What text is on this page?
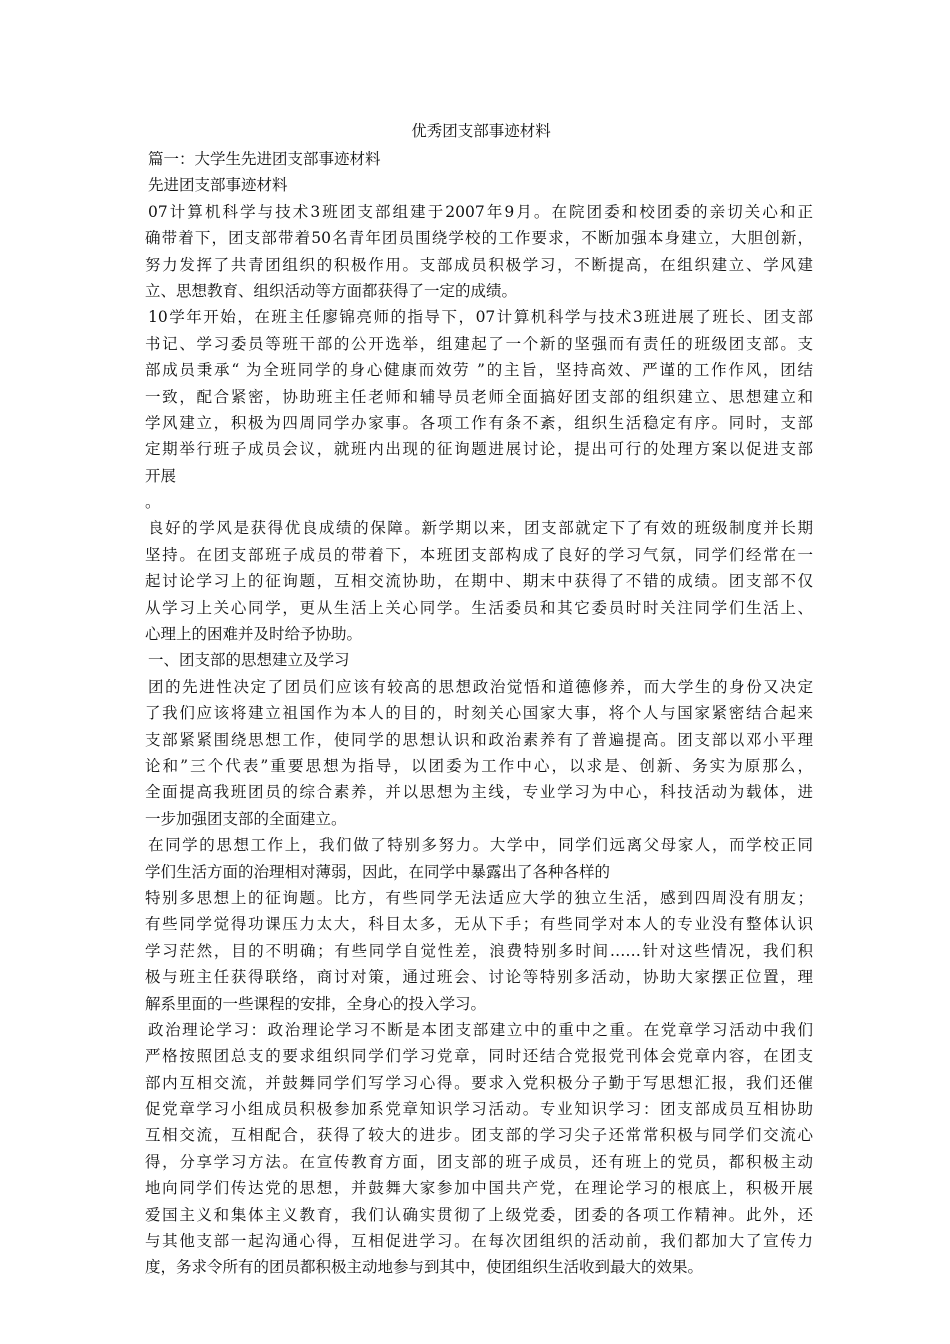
优秀团支部事迹材料
篇一：大学生先进团支部事迹材料
先进团支部事迹材料
07计算机科学与技术3班团支部组建于2007年9月。在院团委和校团委的亲切关心和正
确带着下，团支部带着50名青年团员围绕学校的工作要求，不断加强本身建立，大胆创新，
努力发挥了共青团组织的积极作用。支部成员积极学习，不断提高，在组织建立、学风建
立、思想教育、组织活动等方面都获得了一定的成绩。
10学年开始，在班主任廖锦亮师的指导下，07计算机科学与技术3班进展了班长、团支部
书记、学习委员等班干部的公开选举，组建起了一个新的坚强而有责任的班级团支部。支
部成员秉承“ 为全班同学的身心健康而效劳 ”的主旨，坚持高效、严谨的工作作风，团结
一致，配合紧密，协助班主任老师和辅导员老师全面搞好团支部的组织建立、思想建立和
学风建立，积极为四周同学办家事。各项工作有条不紊，组织生活稳定有序。同时，支部
定期举行班子成员会议，就班内出现的征询题进展讨论，提出可行的处理方案以促进支部
开展
。
良好的学风是获得优良成绩的保障。新学期以来，团支部就定下了有效的班级制度并长期
坚持。在团支部班子成员的带着下，本班团支部构成了良好的学习气氛，同学们经常在一
起讨论学习上的征询题，互相交流协助，在期中、期末中获得了不错的成绩。团支部不仅
从学习上关心同学，更从生活上关心同学。生活委员和其它委员时时关注同学们生活上、
心理上的困难并及时给予协助。
一、团支部的思想建立及学习
团的先进性决定了团员们应该有较高的思想政治觉悟和道德修养，而大学生的身份又决定
了我们应该将建立祖国作为本人的目的，时刻关心国家大事，将个人与国家紧密结合起来
支部紧紧围绕思想工作，使同学的思想认识和政治素养有了普遍提高。团支部以邓小平理
论和”三个代表”重要思想为指导，以团委为工作中心，以求是、创新、务实为原那么，
全面提高我班团员的综合素养，并以思想为主线，专业学习为中心，科技活动为载体，进
一步加强团支部的全面建立。
在同学的思想工作上，我们做了特别多努力。大学中，同学们远离父母家人，而学校正同
学们生活方面的治理相对薄弱，因此，在同学中暴露出了各种各样的
特别多思想上的征询题。比方，有些同学无法适应大学的独立生活，感到四周没有朋友；
有些同学觉得功课压力太大，科目太多，无从下手；有些同学对本人的专业没有整体认识
学习茫然，目的不明确；有些同学自觉性差，浪费特别多时间……针对这些情况，我们积
极与班主任获得联络，商讨对策，通过班会、讨论等特别多活动，协助大家摆正位置，理
解系里面的一些课程的安排，全身心的投入学习。
政治理论学习：政治理论学习不断是本团支部建立中的重中之重。在党章学习活动中我们
严格按照团总支的要求组织同学们学习党章，同时还结合党报党刊体会党章内容，在团支
部内互相交流，并鼓舞同学们写学习心得。要求入党积极分子勤于写思想汇报，我们还催
促党章学习小组成员积极参加系党章知识学习活动。专业知识学习：团支部成员互相协助
互相交流，互相配合，获得了较大的进步。团支部的学习尖子还常常积极与同学们交流心
得，分享学习方法。在宣传教育方面，团支部的班子成员，还有班上的党员，都积极主动
地向同学们传达党的思想，并鼓舞大家参加中国共产党，在理论学习的根底上，积极开展
爱国主义和集体主义教育，我们认确实贯彻了上级党委，团委的各项工作精神。此外，还
与其他支部一起沟通心得，互相促进学习。在每次团组织的活动前，我们都加大了宣传力
度，务求令所有的团员都积极主动地参与到其中，使团组织生活收到最大的效果。
